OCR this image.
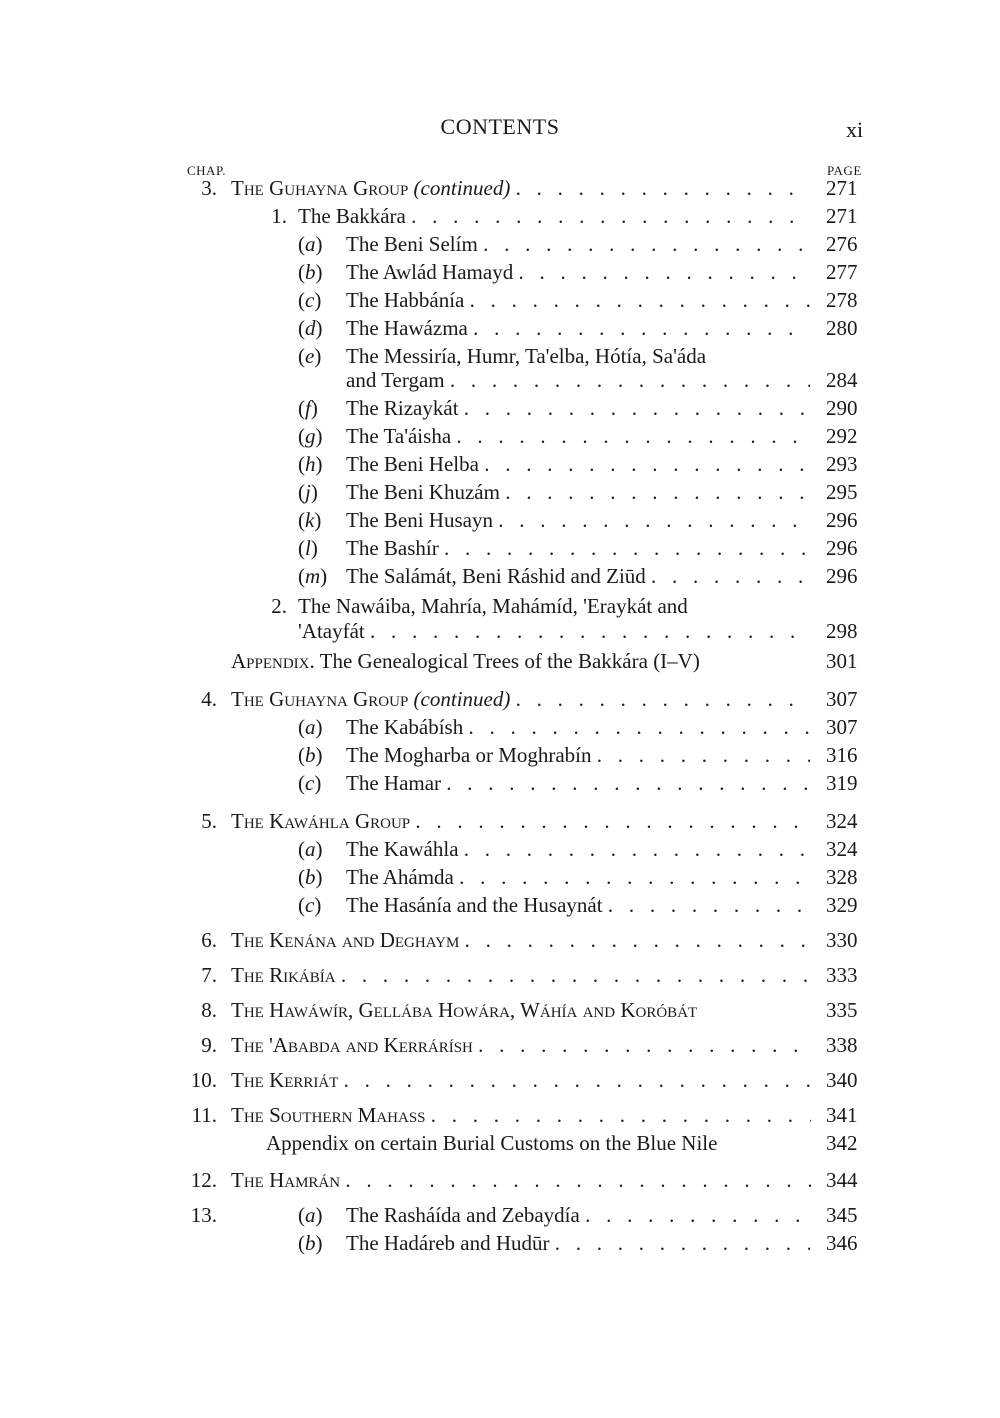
CONTENTS	xi
CHAP.	PAGE
3. The Guhayna Group (continued) . .	271
1. The Bakkára . .	271
(a)	The Beni Selím . .	276
(b)	The Awlád Hamayd . .	277
(c)	The Habbánía . .	278
(d)	The Hawázma . .	280
(e)	The Messiría, Humr, Ta'elba, Hótía, Sa'áda
and Tergam . .	284
(f)	The Rizaykát . .	290
(g)	The Ta'áisha . .	292
(h)	The Beni Helba . .	293
(j)	The Beni Khuzám . .	295
(k)	The Beni Husayn . .	296
(l)	The Bashír . .	296
(m) The Salámát, Beni Ráshid and Ziūd . .	296
2. The Nawáiba, Mahría, Mahámíd, 'Eraykát and
'Atayfát . .	298
Appendix. The Genealogical Trees of the Bakkára (I–V)	301
4. The Guhayna Group (continued) . .	307
(a)	The Kabábísh . .	307
(b)	The Mogharba or Moghrabín . .	316
(c)	The Hamar . .	319
5. The Kawáhla Group . .	324
(a)	The Kawáhla . .	324
(b)	The Ahámda . .	328
(c)	The Hasánía and the Husaynát . .	329
6. The Kenána and Deghaym . .	330
7. The Rikábía . .	333
8. The Hawáwír, Gellába Howára, Wáhía and Koróbát	335
9. The 'Ababda and Kerrárísh . .	338
10. The Kerriát . .	340
11. The Southern Mahass . .	341
Appendix on certain Burial Customs on the Blue Nile	342
12. The Hamrán . .	344
13.	(a)	The Rasháída and Zebaydía . .	345
(b)	The Hadáreb and Hudūr . .	346
